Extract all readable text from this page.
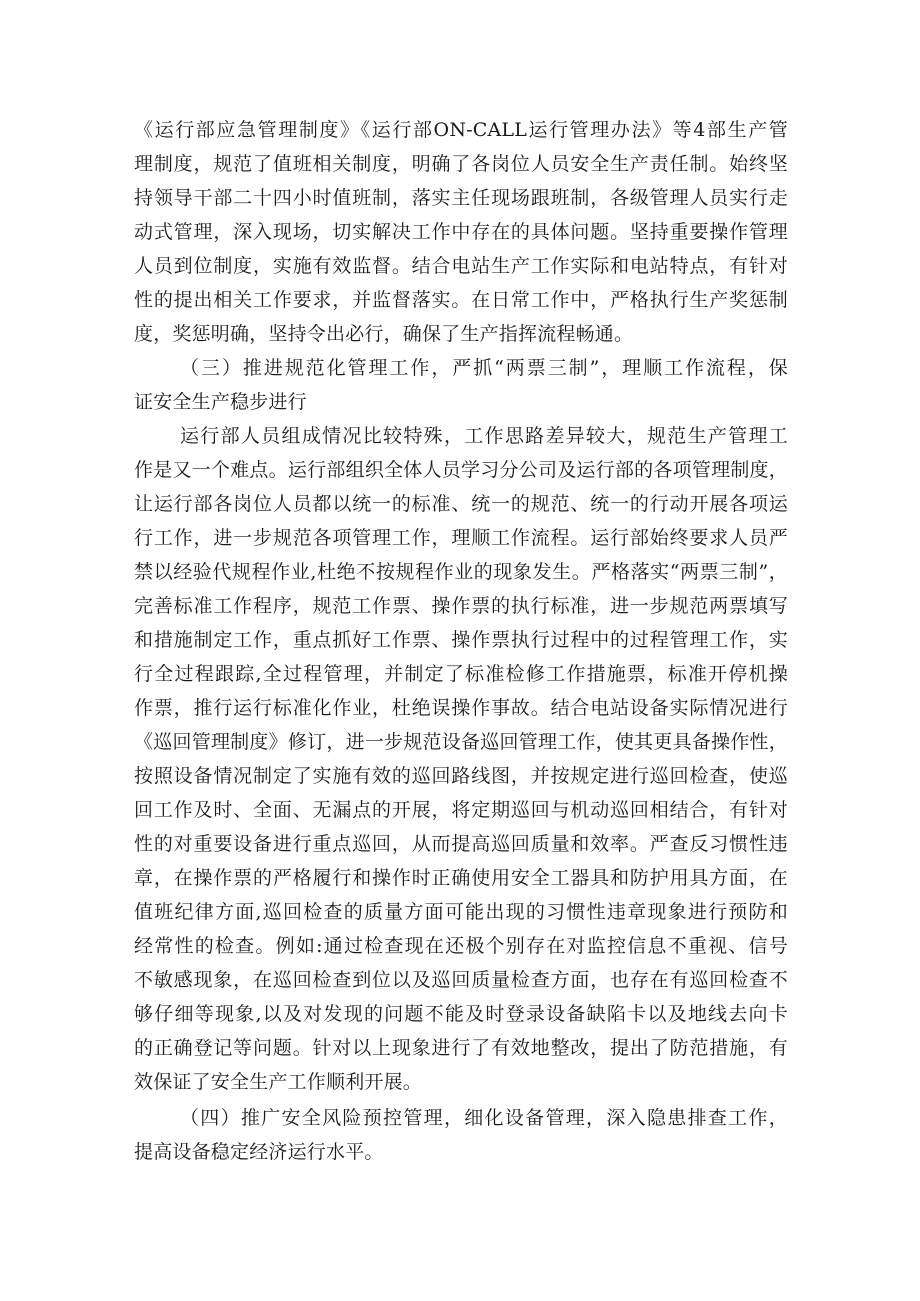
《运行部应急管理制度》《运行部ON-CALL运行管理办法》等4部生产管
理制度，规范了值班相关制度，明确了各岗位人员安全生产责任制。始终坚
持领导干部二十四小时值班制，落实主任现场跟班制，各级管理人员实行走
动式管理，深入现场，切实解决工作中存在的具体问题。坚持重要操作管理
人员到位制度，实施有效监督。结合电站生产工作实际和电站特点，有针对
性的提出相关工作要求，并监督落实。在日常工作中，严格执行生产奖惩制
度，奖惩明确，坚持令出必行，确保了生产指挥流程畅通。
（三）推进规范化管理工作，严抓“两票三制”，理顺工作流程，保
证安全生产稳步进行
运行部人员组成情况比较特殊，工作思路差异较大，规范生产管理工
作是又一个难点。运行部组织全体人员学习分公司及运行部的各项管理制度，
让运行部各岗位人员都以统一的标准、统一的规范、统一的行动开展各项运
行工作，进一步规范各项管理工作，理顺工作流程。运行部始终要求人员严
禁以经验代规程作业,杜绝不按规程作业的现象发生。严格落实“两票三制”，
完善标准工作程序，规范工作票、操作票的执行标准，进一步规范两票填写
和措施制定工作，重点抓好工作票、操作票执行过程中的过程管理工作，实
行全过程跟踪,全过程管理，并制定了标准检修工作措施票，标准开停机操
作票，推行运行标准化作业，杜绝误操作事故。结合电站设备实际情况进行
《巡回管理制度》修订，进一步规范设备巡回管理工作，使其更具备操作性，
按照设备情况制定了实施有效的巡回路线图，并按规定进行巡回检查，使巡
回工作及时、全面、无漏点的开展，将定期巡回与机动巡回相结合，有针对
性的对重要设备进行重点巡回，从而提高巡回质量和效率。严查反习惯性违
章，在操作票的严格履行和操作时正确使用安全工器具和防护用具方面，在
值班纪律方面,巡回检查的质量方面可能出现的习惯性违章现象进行预防和
经常性的检查。例如:通过检查现在还极个别存在对监控信息不重视、信号
不敏感现象，在巡回检查到位以及巡回质量检查方面，也存在有巡回检查不
够仔细等现象,以及对发现的问题不能及时登录设备缺陷卡以及地线去向卡
的正确登记等问题。针对以上现象进行了有效地整改，提出了防范措施，有
效保证了安全生产工作顺利开展。
（四）推广安全风险预控管理，细化设备管理，深入隐患排查工作，
提高设备稳定经济运行水平。
